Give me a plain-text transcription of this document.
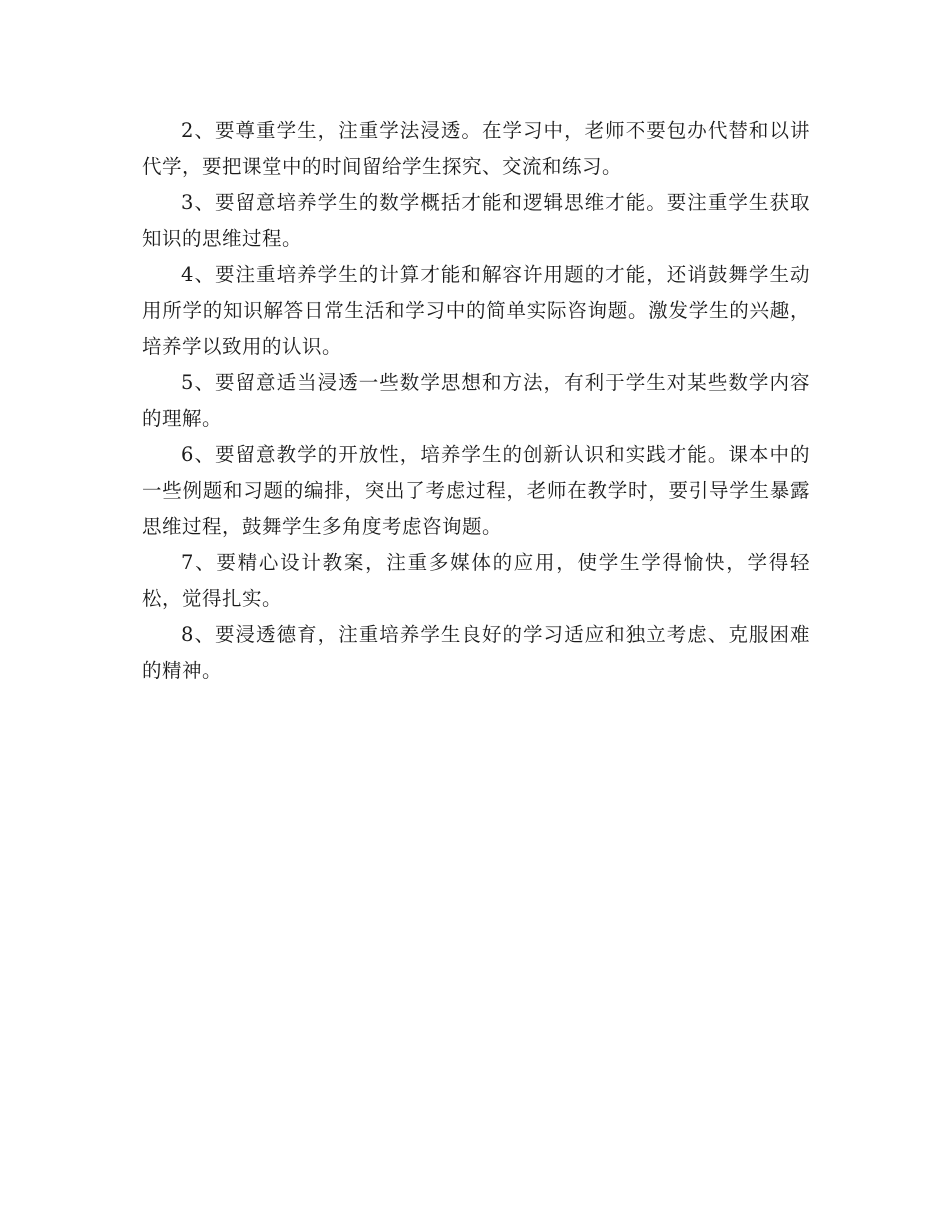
2、要尊重学生，注重学法浸透。在学习中，老师不要包办代替和以讲代学，要把课堂中的时间留给学生探究、交流和练习。

3、要留意培养学生的数学概括才能和逻辑思维才能。要注重学生获取知识的思维过程。

4、要注重培养学生的计算才能和解容许用题的才能，还诮鼓舞学生动用所学的知识解答日常生活和学习中的简单实际咨询题。激发学生的兴趣，培养学以致用的认识。

5、要留意适当浸透一些数学思想和方法，有利于学生对某些数学内容的理解。

6、要留意教学的开放性，培养学生的创新认识和实践才能。课本中的一些例题和习题的编排，突出了考虑过程，老师在教学时，要引导学生暴露思维过程，鼓舞学生多角度考虑咨询题。

7、要精心设计教案，注重多媒体的应用，使学生学得愉快，学得轻松，觉得扎实。

8、要浸透德育，注重培养学生良好的学习适应和独立考虑、克服困难的精神。
